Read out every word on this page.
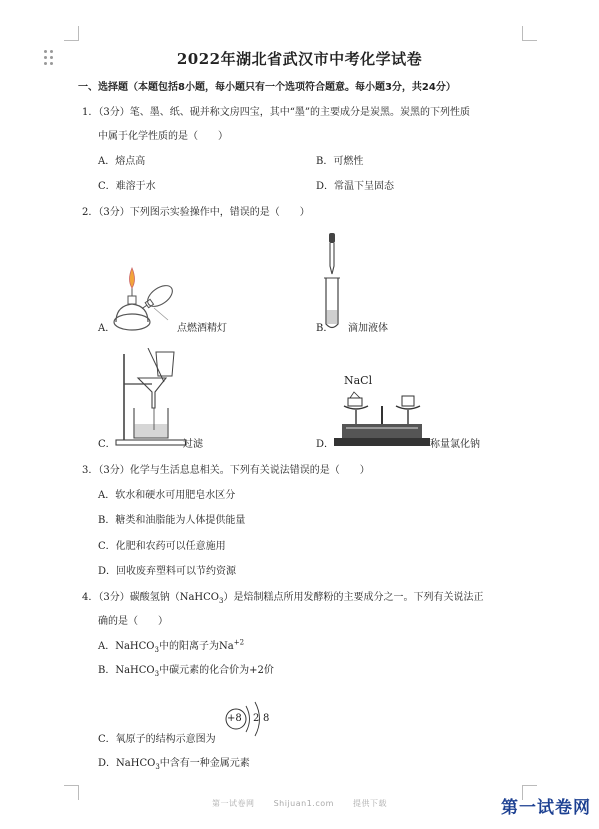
2022年湖北省武汉市中考化学试卷
一、选择题（本题包括8小题，每小题只有一个选项符合题意。每小题3分，共24分）
1．（3分）笔、墨、纸、砚并称文房四宝，其中“墨”的主要成分是炭黑。炭黑的下列性质
中属于化学性质的是（　　）
A．熔点高	B．可燃性
C．难溶于水	D．常温下呈固态
2．（3分）下列图示实验操作中，错误的是（　　）
A．	点燃酒精灯	B． 滴加液体
C．	过滤
NaCl
D．	称量氯化钠
3．（3分）化学与生活息息相关。下列有关说法错误的是（　　）
A．软水和硬水可用肥皂水区分
B．糖类和油脂能为人体提供能量
C．化肥和农药可以任意施用
D．回收废弃塑料可以节约资源
4．（3分）碳酸氢钠（NaHCO$_3$）是焙制糕点所用发酵粉的主要成分之一。下列有关说法正
确的是（　　）
A．NaHCO$_3$中的阳离子为$Na^{+2}$
B．NaHCO$_3$中碳元素的化合价为+2价
+8 2 8
C．氧原子的结构示意图为
D．NaHCO$_3$中含有一种金属元素
第一试卷网 Shijuan1.com 提供下载	第一试卷网
